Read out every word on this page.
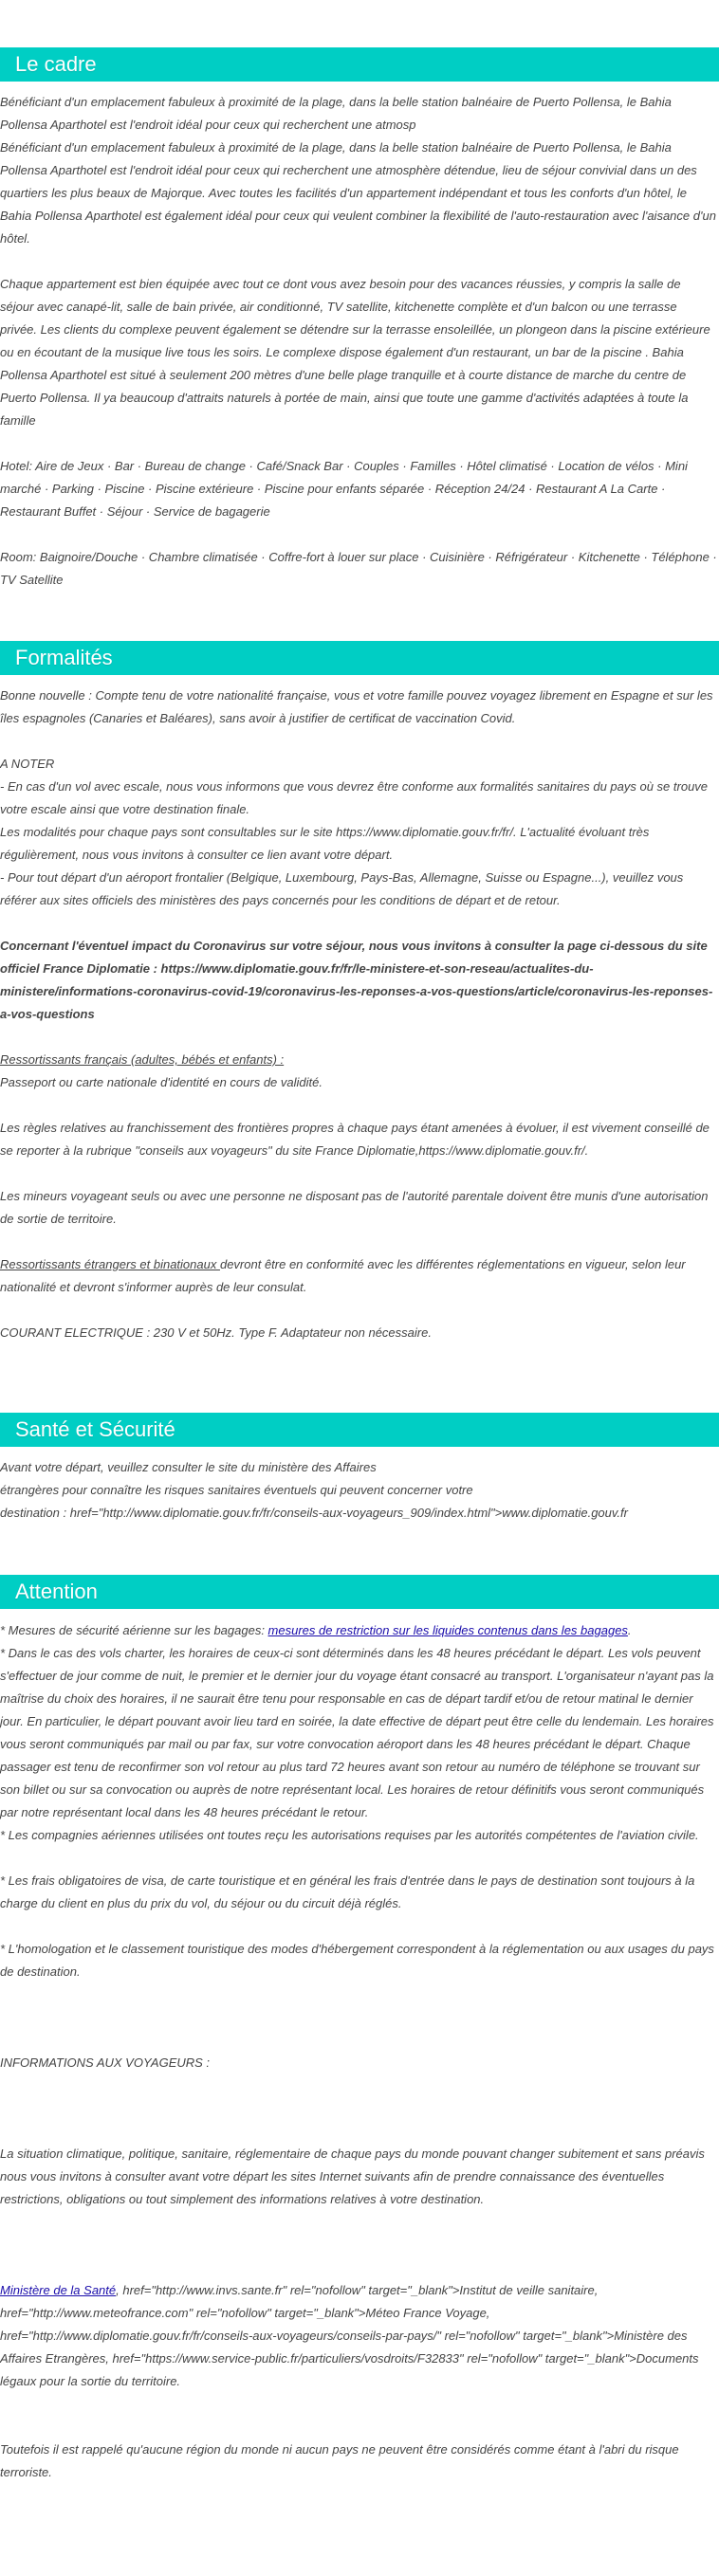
Le cadre

Bénéficiant d'un emplacement fabuleux à proximité de la plage, dans la belle station balnéaire de Puerto Pollensa, le Bahia Pollensa Aparthotel est l'endroit idéal pour ceux qui recherchent une atmosp

Bénéficiant d'un emplacement fabuleux à proximité de la plage, dans la belle station balnéaire de Puerto Pollensa, le Bahia Pollensa Aparthotel est l'endroit idéal pour ceux qui recherchent une atmosphère détendue, lieu de séjour convivial dans un des quartiers les plus beaux de Majorque. Avec toutes les facilités d'un appartement indépendant et tous les conforts d'un hôtel, le Bahia Pollensa Aparthotel est également idéal pour ceux qui veulent combiner la flexibilité de l'auto-restauration avec l'aisance d'un hôtel.

Chaque appartement est bien équipée avec tout ce dont vous avez besoin pour des vacances réussies, y compris la salle de séjour avec canapé-lit, salle de bain privée, air conditionné, TV satellite, kitchenette complète et d'un balcon ou une terrasse privée. Les clients du complexe peuvent également se détendre sur la terrasse ensoleillée, un plongeon dans la piscine extérieure ou en écoutant de la musique live tous les soirs. Le complexe dispose également d'un restaurant, un bar de la piscine . Bahia Pollensa Aparthotel est situé à seulement 200 mètres d'une belle plage tranquille et à courte distance de marche du centre de Puerto Pollensa. Il ya beaucoup d'attraits naturels à portée de main, ainsi que toute une gamme d'activités adaptées à toute la famille

Hotel: Aire de Jeux · Bar · Bureau de change · Café/Snack Bar · Couples · Familles · Hôtel climatisé · Location de vélos · Mini marché · Parking · Piscine · Piscine extérieure · Piscine pour enfants séparée · Réception 24/24 · Restaurant A La Carte · Restaurant Buffet · Séjour · Service de bagagerie

Room: Baignoire/Douche · Chambre climatisée · Coffre-fort à louer sur place · Cuisinière · Réfrigérateur · Kitchenette · Téléphone · TV Satellite

Formalités

Bonne nouvelle : Compte tenu de votre nationalité française, vous et votre famille pouvez voyagez librement en Espagne et sur les îles espagnoles (Canaries et Baléares), sans avoir à justifier de certificat de vaccination Covid.

A NOTER

- En cas d'un vol avec escale, nous vous informons que vous devrez être conforme aux formalités sanitaires du pays où se trouve votre escale ainsi que votre destination finale.

Les modalités pour chaque pays sont consultables sur le site https://www.diplomatie.gouv.fr/fr/. L'actualité évoluant très régulièrement, nous vous invitons à consulter ce lien avant votre départ.

- Pour tout départ d'un aéroport frontalier (Belgique, Luxembourg, Pays-Bas, Allemagne, Suisse ou Espagne...), veuillez vous référer aux sites officiels des ministères des pays concernés pour les conditions de départ et de retour.

Concernant l'éventuel impact du Coronavirus sur votre séjour, nous vous invitons à consulter la page ci-dessous du site officiel France Diplomatie : https://www.diplomatie.gouv.fr/fr/le-ministere-et-son-reseau/actualites-du-ministere/informations-coronavirus-covid-19/coronavirus-les-reponses-a-vos-questions/article/coronavirus-les-reponses-a-vos-questions

Ressortissants français (adultes, bébés et enfants) :

Passeport ou carte nationale d'identité en cours de validité.

Les règles relatives au franchissement des frontières propres à chaque pays étant amenées à évoluer, il est vivement conseillé de se reporter à la rubrique "conseils aux voyageurs" du site France Diplomatie,https://www.diplomatie.gouv.fr/.

Les mineurs voyageant seuls ou avec une personne ne disposant pas de l'autorité parentale doivent être munis d'une autorisation de sortie de territoire.

Ressortissants étrangers et binationaux devront être en conformité avec les différentes réglementations en vigueur, selon leur nationalité et devront s'informer auprès de leur consulat.

COURANT ELECTRIQUE : 230 V et 50Hz. Type F. Adaptateur non nécessaire.

Santé et Sécurité

Avant votre départ, veuillez consulter le site du ministère des Affaires

étrangères pour connaître les risques sanitaires éventuels qui peuvent concerner votre

destination : href="http://www.diplomatie.gouv.fr/fr/conseils-aux-voyageurs_909/index.html">www.diplomatie.gouv.fr

Attention

* Mesures de sécurité aérienne sur les bagages: mesures de restriction sur les liquides contenus dans les bagages.

* Dans le cas des vols charter, les horaires de ceux-ci sont déterminés dans les 48 heures précédant le départ. Les vols peuvent s'effectuer de jour comme de nuit, le premier et le dernier jour du voyage étant consacré au transport. L'organisateur n'ayant pas la maîtrise du choix des horaires, il ne saurait être tenu pour responsable en cas de départ tardif et/ou de retour matinal le dernier jour. En particulier, le départ pouvant avoir lieu tard en soirée, la date effective de départ peut être celle du lendemain. Les horaires vous seront communiqués par mail ou par fax, sur votre convocation aéroport dans les 48 heures précédant le départ. Chaque passager est tenu de reconfirmer son vol retour au plus tard 72 heures avant son retour au numéro de téléphone se trouvant sur son billet ou sur sa convocation ou auprès de notre représentant local. Les horaires de retour définitifs vous seront communiqués par notre représentant local dans les 48 heures précédant le retour.

* Les compagnies aériennes utilisées ont toutes reçu les autorisations requises par les autorités compétentes de l'aviation civile.

* Les frais obligatoires de visa, de carte touristique et en général les frais d'entrée dans le pays de destination sont toujours à la charge du client en plus du prix du vol, du séjour ou du circuit déjà réglés.

* L'homologation et le classement touristique des modes d'hébergement correspondent à la réglementation ou aux usages du pays de destination.

INFORMATIONS AUX VOYAGEURS :

La situation climatique, politique, sanitaire, réglementaire de chaque pays du monde pouvant changer subitement et sans préavis

nous vous invitons à consulter avant votre départ les sites Internet suivants afin de prendre connaissance des éventuelles restrictions, obligations ou tout simplement des informations relatives à votre destination.

Ministère de la Santé, href="http://www.invs.sante.fr" rel="nofollow" target="_blank">Institut de veille sanitaire, href="http://www.meteofrance.com" rel="nofollow" target="_blank">Méteo France Voyage, href="http://www.diplomatie.gouv.fr/fr/conseils-aux-voyageurs/conseils-par-pays/" rel="nofollow" target="_blank">Ministère des Affaires Etrangères, href="https://www.service-public.fr/particuliers/vosdroits/F32833" rel="nofollow" target="_blank">Documents légaux pour la sortie du territoire.

Toutefois il est rappelé qu'aucune région du monde ni aucun pays ne peuvent être considérés comme étant à l'abri du risque terroriste.
